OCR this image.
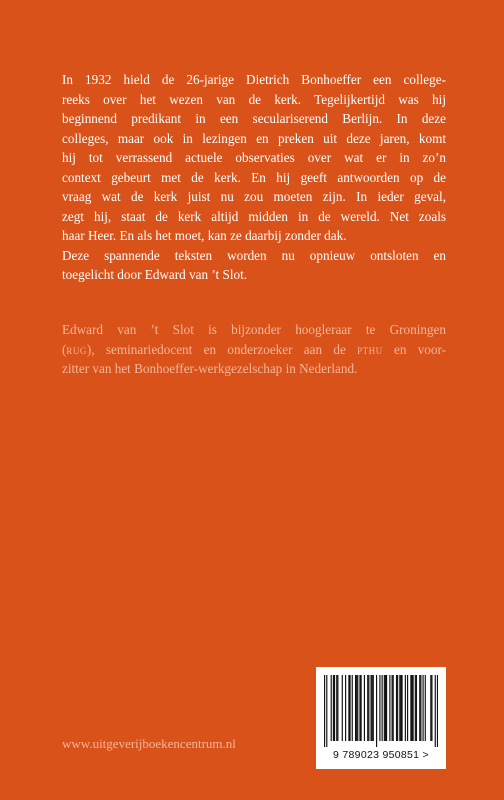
In 1932 hield de 26-jarige Dietrich Bonhoeffer een college-
reeks over het wezen van de kerk. Tegelijkertijd was hij
beginnend predikant in een seculariserend Berlijn. In deze
colleges, maar ook in lezingen en preken uit deze jaren, komt
hij tot verrassend actuele observaties over wat er in zo’n
context gebeurt met de kerk. En hij geeft antwoorden op de
vraag wat de kerk juist nu zou moeten zijn. In ieder geval,
zegt hij, staat de kerk altijd midden in de wereld. Net zoals
haar Heer. En als het moet, kan ze daarbij zonder dak.
Deze spannende teksten worden nu opnieuw ontsloten en
toegelicht door Edward van ’t Slot.
Edward van ’t Slot is bijzonder hoogleraar te Groningen
(rug), seminariedocent en onderzoeker aan de pthu en voor-
zitter van het Bonhoeffer-werkgezelschap in Nederland.

www.uitgeverijboekencentrum.nl

9 789023 950851 >
